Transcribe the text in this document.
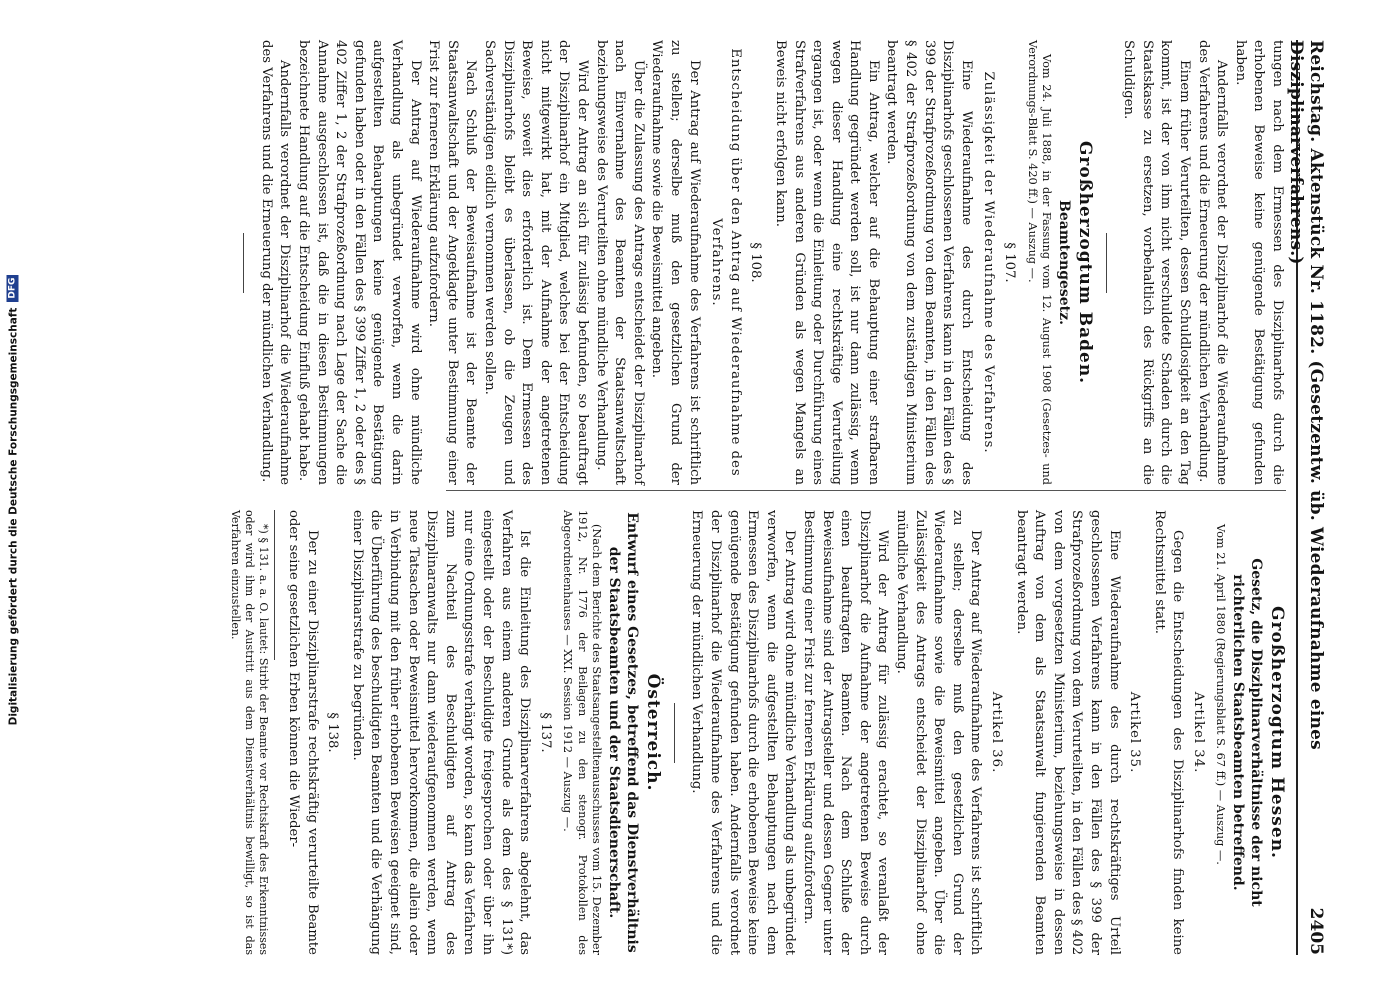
Digitalisierung gefördert durch die Deutsche ForschungsgemeinschaftDFG	Reichstag. Aktenstück Nr. 1182. (Gesetzentw. üb. Wiederaufnahme eines Disziplinarverfahrens.)
2405

tungen nach dem Ermessen des Disziplinarhofs durch die erhobenen Beweise keine genügende Bestätigung gefunden haben.

Andernfalls verordnet der Disziplinarhof die Wiederaufnahme des Verfahrens und die Erneuerung der mündlichen Verhandlung.

Einem früher Verurteilten, dessen Schuldlosigkeit an den Tag kommt, ist der von ihm nicht verschuldete Schaden durch die Staatskasse zu ersetzen, vorbehaltlich des Rückgriffs an die Schuldigen.

Großherzogtum Baden.
Beamtengesetz.

Vom 24. Juli 1888, in der Fassung vom 12. August 1908 (Gesetzes- und Verordnungs-Blatt S. 420 ff.) — Auszug —.

§ 107.
Zulässigkeit der Wiederaufnahme des Verfahrens.

Eine Wiederaufnahme des durch Entscheidung des Disziplinarhofs geschlossenen Verfahrens kann in den Fällen des § 399 der Strafprozeßordnung von dem Beamten, in den Fällen des § 402 der Strafprozeßordnung von dem zuständigen Ministerium beantragt werden.

Ein Antrag, welcher auf die Behauptung einer strafbaren Handlung gegründet werden soll, ist nur dann zulässig, wenn wegen dieser Handlung eine rechtskräftige Verurteilung ergangen ist, oder wenn die Einleitung oder Durchführung eines Strafverfahrens aus anderen Gründen als wegen Mangels an Beweis nicht erfolgen kann.

§ 108.
Entscheidung über den Antrag auf Wiederaufnahme des Verfahrens.

Der Antrag auf Wiederaufnahme des Verfahrens ist schriftlich zu stellen; derselbe muß den gesetzlichen Grund der Wiederaufnahme sowie die Beweismittel angeben.

Über die Zulassung des Antrags entscheidet der Disziplinarhof nach Einvernahme des Beamten der Staatsanwaltschaft beziehungsweise des Verurteilten ohne mündliche Verhandlung.

Wird der Antrag an sich für zulässig befunden, so beauftragt der Disziplinarhof ein Mitglied, welches bei der Entscheidung nicht mitgewirkt hat, mit der Aufnahme der angetretenen Beweise, soweit dies erforderlich ist. Dem Ermessen des Disziplinarhofs bleibt es überlassen, ob die Zeugen und Sachverständigen eidlich vernommen werden sollen.

Nach Schluß der Beweisaufnahme ist der Beamte der Staatsanwaltschaft und der Angeklagte unter Bestimmung einer Frist zur ferneren Erklärung aufzufordern.

Der Antrag auf Wiederaufnahme wird ohne mündliche Verhandlung als unbegründet verworfen, wenn die darin aufgestellten Behauptungen keine genügende Bestätigung gefunden haben oder in den Fällen des § 399 Ziffer 1, 2 oder des § 402 Ziffer 1, 2 der Strafprozeßordnung nach Lage der Sache die Annahme ausgeschlossen ist, daß die in diesen Bestimmungen bezeichnete Handlung auf die Entscheidung Einfluß gehabt habe.

Andernfalls verordnet der Disziplinarhof die Wiederaufnahme des Verfahrens und die Erneuerung der mündlichen Verhandlung.

Großherzogtum Hessen.
Gesetz, die Disziplinarverhältnisse der nicht richterlichen Staatsbeamten betreffend.

Vom 21. April 1880 (Regierungsblatt S. 67 ff.) — Auszug —.

Artikel 34.

Gegen die Entscheidungen des Disziplinarhofs finden keine Rechtsmittel statt.

Artikel 35.

Eine Wiederaufnahme des durch rechtskräftiges Urteil geschlossenen Verfahrens kann in den Fällen des § 399 der Strafprozeßordnung von dem Verurteilten, in den Fällen des § 402 von dem vorgesetzten Ministerium, beziehungsweise in dessen Auftrag von dem als Staatsanwalt fungierenden Beamten beantragt werden.

Artikel 36.

Der Antrag auf Wiederaufnahme des Verfahrens ist schriftlich zu stellen; derselbe muß den gesetzlichen Grund der Wiederaufnahme sowie die Beweismittel angeben. Über die Zulässigkeit des Antrags entscheidet der Disziplinarhof ohne mündliche Verhandlung.

Wird der Antrag für zulässig erachtet, so veranlaßt der Disziplinarhof die Aufnahme der angetretenen Beweise durch einen beauftragten Beamten. Nach dem Schluße der Beweisaufnahme sind der Antragsteller und dessen Gegner unter Bestimmung einer Frist zur ferneren Erklärung aufzufordern.

Der Antrag wird ohne mündliche Verhandlung als unbegründet verworfen, wenn die aufgestellten Behauptungen nach dem Ermessen des Disziplinarhofs durch die erhobenen Beweise keine genügende Bestätigung gefunden haben. Andernfalls verordnet der Disziplinarhof die Wiederaufnahme des Verfahrens und die Erneuerung der mündlichen Verhandlung.

Österreich.
Entwurf eines Gesetzes, betreffend das Dienstverhältnis der Staatsbeamten und der Staatsdienerschaft.

(Nach dem Berichte des Staatsangestelltenausschusses vom 15. Dezember 1912, Nr. 1776 der Beilagen zu den stenogr. Protokollen des Abgeordnetenhauses — XXI. Session 1912 — Auszug —.

§ 137.

Ist die Einleitung des Disziplinarverfahrens abgelehnt, das Verfahren aus einem anderen Grunde als dem des § 131*) eingestellt oder der Beschuldigte freigesprochen oder über ihn nur eine Ordnungsstrafe verhängt worden, so kann das Verfahren zum Nachteil des Beschuldigten auf Antrag des Disziplinaranwalts nur dann wiederaufgenommen werden, wenn neue Tatsachen oder Beweismittel hervorkommen, die allein oder in Verbindung mit den früher erhobenen Beweisen geeignet sind, die Überführung des beschuldigten Beamten und die Verhängung einer Disziplinarstrafe zu begründen.

§ 138.

Der zu einer Disziplinarstrafe rechtskräftig verurteilte Beamte oder seine gesetzlichen Erben können die Wieder-

*) § 131. a. a. O. lautet: Stirbt der Beamte vor Rechtskraft des Erkenntnisses oder wird ihm der Austritt aus dem Dienstverhältnis bewilligt, so ist das Verfahren einzustellen.
